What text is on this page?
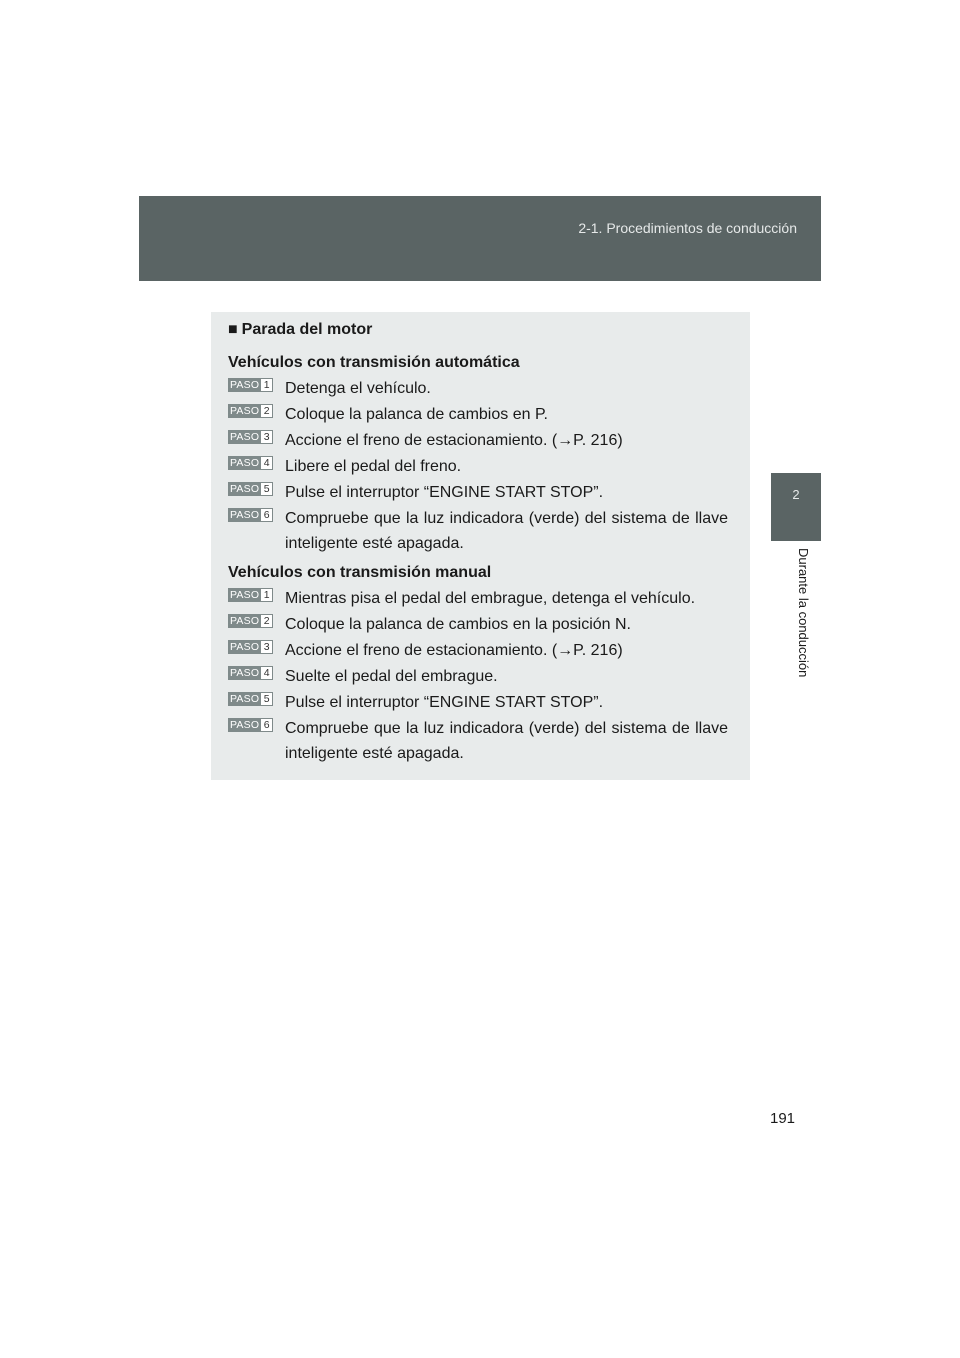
2-1. Procedimientos de conducción
2
Durante la conducción
■ Parada del motor
Vehículos con transmisión automática
PASO 1 Detenga el vehículo.
PASO 2 Coloque la palanca de cambios en P.
PASO 3 Accione el freno de estacionamiento. (→P. 216)
PASO 4 Libere el pedal del freno.
PASO 5 Pulse el interruptor “ENGINE START STOP”.
PASO 6 Compruebe que la luz indicadora (verde) del sistema de llave inteligente esté apagada.
Vehículos con transmisión manual
PASO 1 Mientras pisa el pedal del embrague, detenga el vehículo.
PASO 2 Coloque la palanca de cambios en la posición N.
PASO 3 Accione el freno de estacionamiento. (→P. 216)
PASO 4 Suelte el pedal del embrague.
PASO 5 Pulse el interruptor “ENGINE START STOP”.
PASO 6 Compruebe que la luz indicadora (verde) del sistema de llave inteligente esté apagada.
191
